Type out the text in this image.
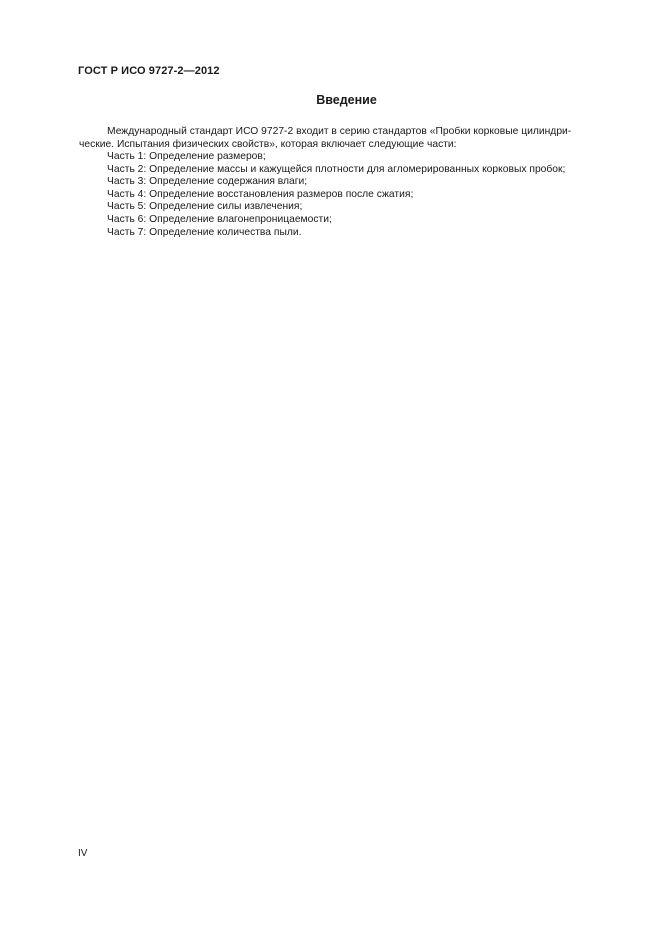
ГОСТ Р ИСО 9727-2—2012
Введение
Международный стандарт ИСО 9727-2 входит в серию стандартов «Пробки корковые цилиндри-
ческие. Испытания физических свойств», которая включает следующие части:
Часть 1: Определение размеров;
Часть 2: Определение массы и кажущейся плотности для агломерированных корковых пробок;
Часть 3: Определение содержания влаги;
Часть 4: Определение восстановления размеров после сжатия;
Часть 5: Определение силы извлечения;
Часть 6: Определение влагонепроницаемости;
Часть 7: Определение количества пыли.
IV
